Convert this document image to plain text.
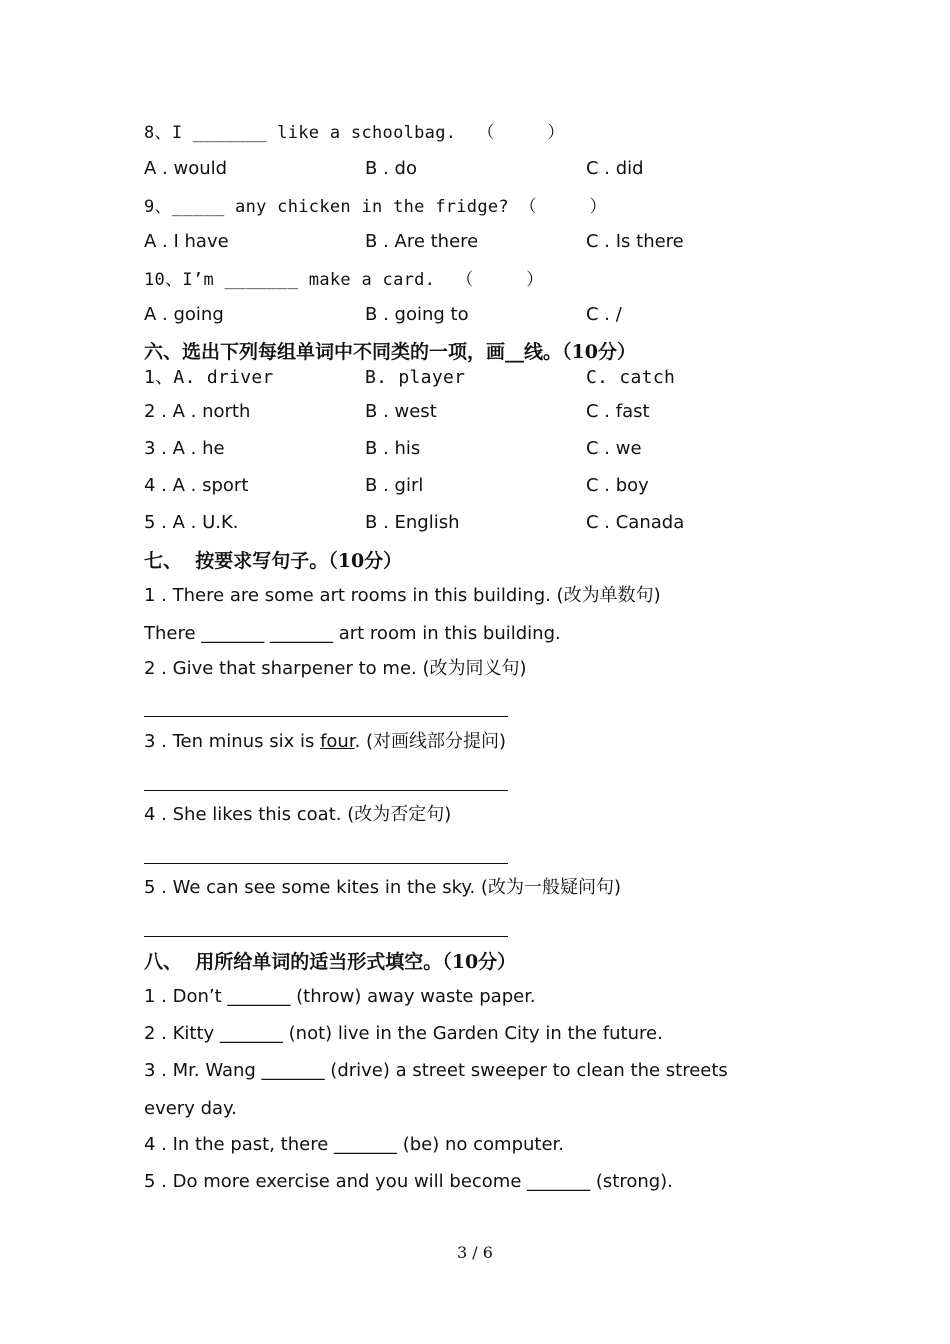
8、I _______ like a schoolbag.  （     ）
A . would	B . do	C . did
9、_____ any chicken in the fridge? （     ）
A . I have	B . Are there	C . Is there
10、I’m _______ make a card.  （     ）
A . going	B . going to	C . /
六、选出下列每组单词中不同类的一项，画__线。（10分）
1、A. driver	B. player	C. catch
2 . A . north	B . west	C . fast
3 . A . he	B . his	C . we
4 . A . sport	B . girl	C . boy
5 . A . U.K.	B . English	C . Canada
七、  按要求写句子。（10分）
1 . There are some art rooms in this building. (改为单数句)
There _______ _______ art room in this building.
2 . Give that sharpener to me. (改为同义句)
3 . Ten minus six is four. (对画线部分提问)
4 . She likes this coat. (改为否定句)
5 . We can see some kites in the sky. (改为一般疑问句)
八、  用所给单词的适当形式填空。（10分）
1 . Don’t _______ (throw) away waste paper.
2 . Kitty _______ (not) live in the Garden City in the future.
3 . Mr. Wang _______ (drive) a street sweeper to clean the streets
every day.
4 . In the past, there _______ (be) no computer.
5 . Do more exercise and you will become _______ (strong).
3 / 6
